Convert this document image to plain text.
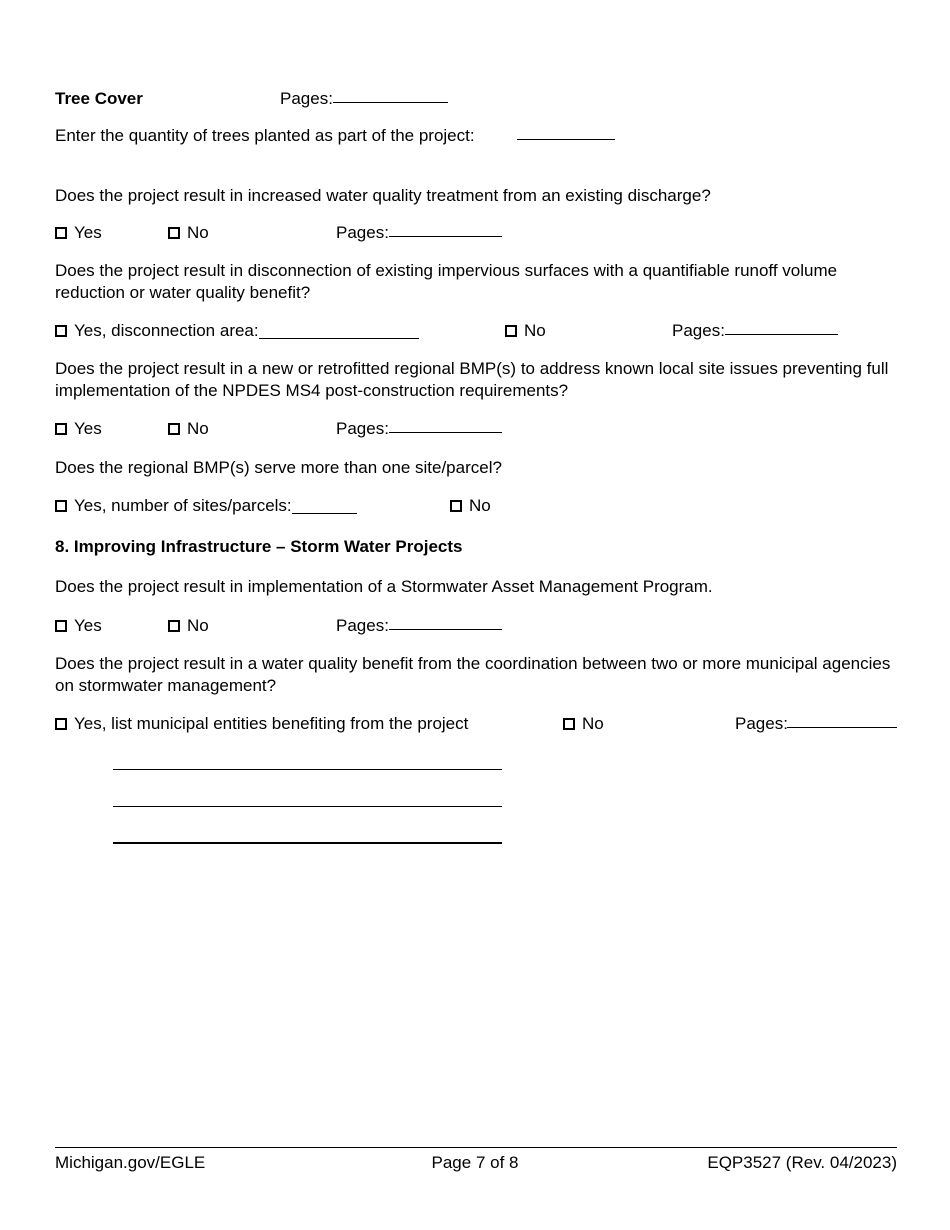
Tree Cover	Pages:
Enter the quantity of trees planted as part of the project:
Does the project result in increased water quality treatment from an existing discharge?
Yes	No	Pages:
Does the project result in disconnection of existing impervious surfaces with a quantifiable runoff volume reduction or water quality benefit?
Yes, disconnection area:	No	Pages:
Does the project result in a new or retrofitted regional BMP(s) to address known local site issues preventing full implementation of the NPDES MS4 post-construction requirements?
Yes	No	Pages:
Does the regional BMP(s) serve more than one site/parcel?
Yes, number of sites/parcels:	No
8. Improving Infrastructure – Storm Water Projects
Does the project result in implementation of a Stormwater Asset Management Program.
Yes	No	Pages:
Does the project result in a water quality benefit from the coordination between two or more municipal agencies on stormwater management?
Yes, list municipal entities benefiting from the project	No	Pages:
Michigan.gov/EGLE	Page 7 of 8	EQP3527 (Rev. 04/2023)
